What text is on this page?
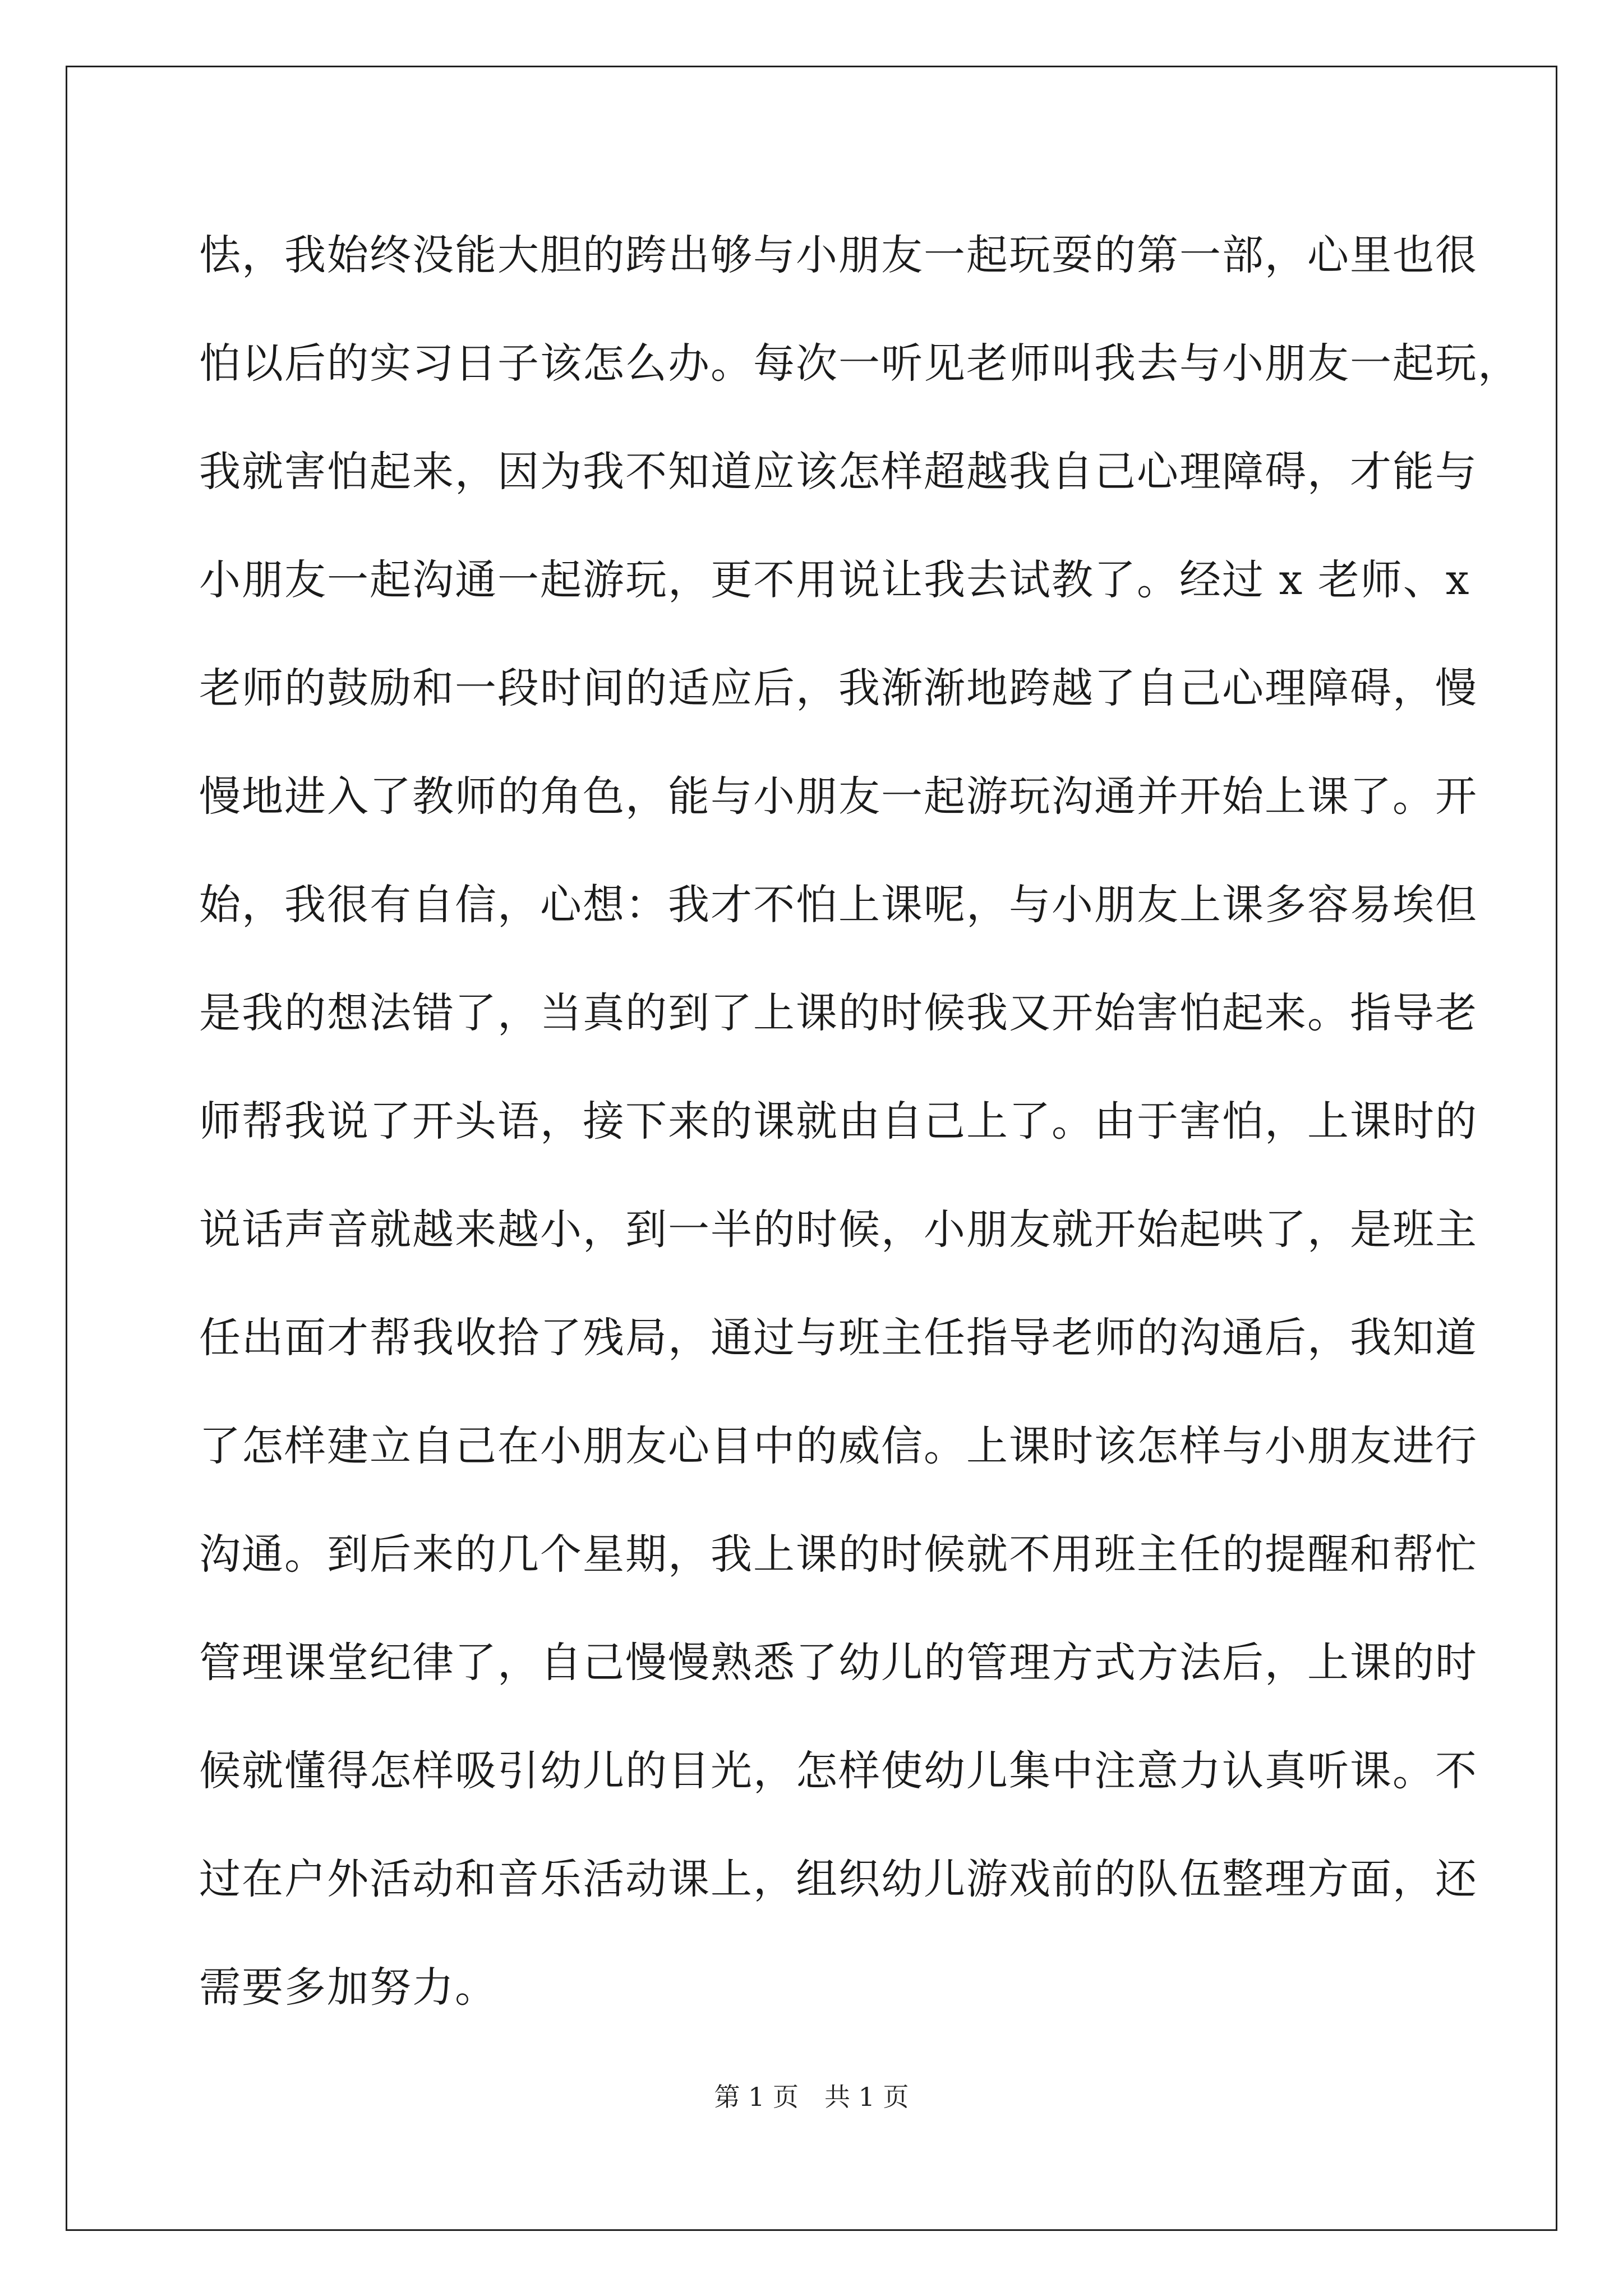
怯，我始终没能大胆的跨出够与小朋友一起玩耍的第一部，心里也很
怕以后的实习日子该怎么办。每次一听见老师叫我去与小朋友一起玩，
我就害怕起来，因为我不知道应该怎样超越我自己心理障碍，才能与
小朋友一起沟通一起游玩，更不用说让我去试教了。经过 x 老师、x
老师的鼓励和一段时间的适应后，我渐渐地跨越了自己心理障碍，慢
慢地进入了教师的角色，能与小朋友一起游玩沟通并开始上课了。开
始，我很有自信，心想：我才不怕上课呢，与小朋友上课多容易埃但
是我的想法错了，当真的到了上课的时候我又开始害怕起来。指导老
师帮我说了开头语，接下来的课就由自己上了。由于害怕，上课时的
说话声音就越来越小，到一半的时候，小朋友就开始起哄了，是班主
任出面才帮我收拾了残局，通过与班主任指导老师的沟通后，我知道
了怎样建立自己在小朋友心目中的威信。上课时该怎样与小朋友进行
沟通。到后来的几个星期，我上课的时候就不用班主任的提醒和帮忙
管理课堂纪律了，自己慢慢熟悉了幼儿的管理方式方法后，上课的时
候就懂得怎样吸引幼儿的目光，怎样使幼儿集中注意力认真听课。不
过在户外活动和音乐活动课上，组织幼儿游戏前的队伍整理方面，还
需要多加努力。
第 1 页　共 1 页
